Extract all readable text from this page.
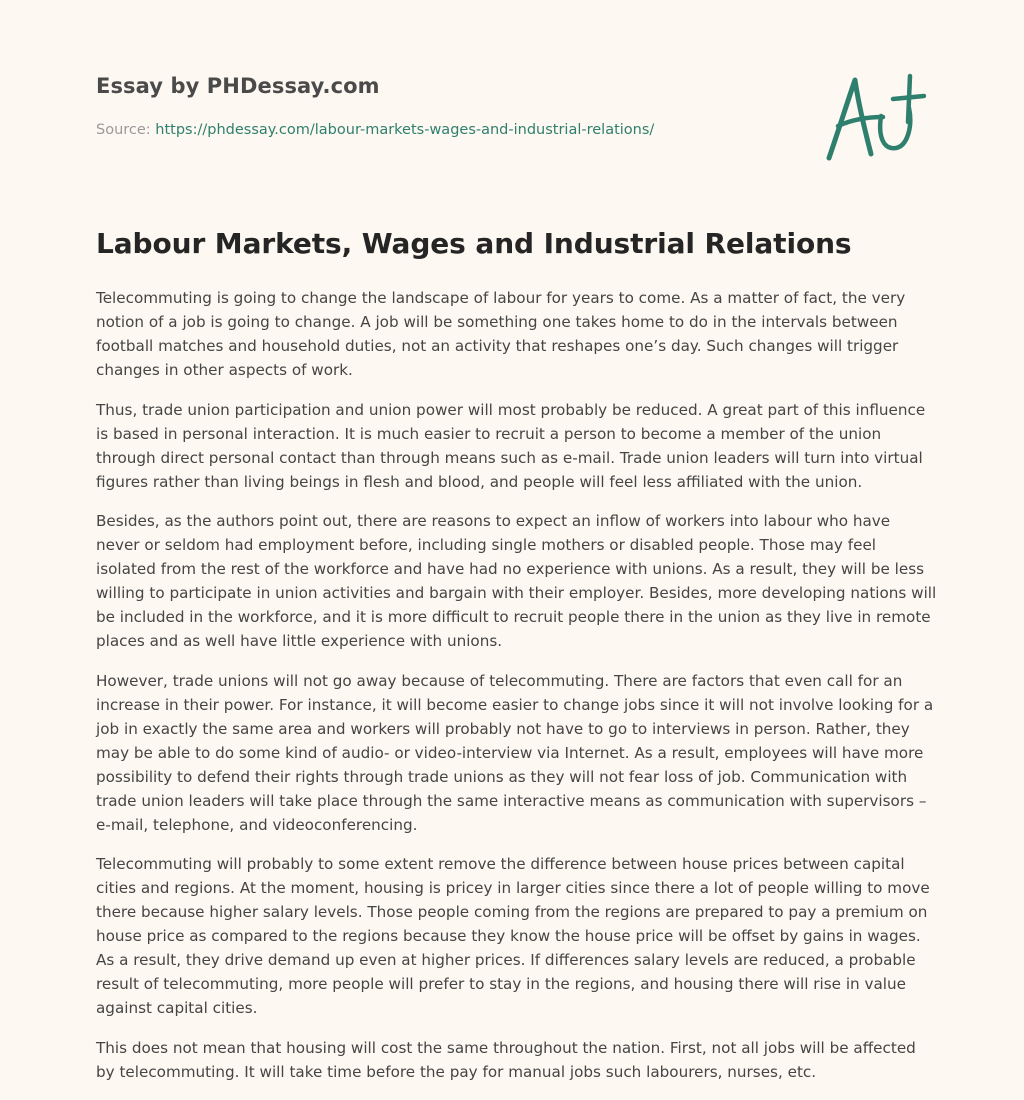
Essay by PHDessay.com
Source: https://phdessay.com/labour-markets-wages-and-industrial-relations/
Labour Markets, Wages and Industrial Relations

Telecommuting is going to change the landscape of labour for years to come. As a matter of fact, the very notion of a job is going to change. A job will be something one takes home to do in the intervals between football matches and household duties, not an activity that reshapes one’s day. Such changes will trigger changes in other aspects of work.

Thus, trade union participation and union power will most probably be reduced. A great part of this influence is based in personal interaction. It is much easier to recruit a person to become a member of the union through direct personal contact than through means such as e-mail. Trade union leaders will turn into virtual figures rather than living beings in flesh and blood, and people will feel less affiliated with the union.

Besides, as the authors point out, there are reasons to expect an inflow of workers into labour who have never or seldom had employment before, including single mothers or disabled people. Those may feel isolated from the rest of the workforce and have had no experience with unions. As a result, they will be less willing to participate in union activities and bargain with their employer. Besides, more developing nations will be included in the workforce, and it is more difficult to recruit people there in the union as they live in remote places and as well have little experience with unions.

However, trade unions will not go away because of telecommuting. There are factors that even call for an increase in their power. For instance, it will become easier to change jobs since it will not involve looking for a job in exactly the same area and workers will probably not have to go to interviews in person. Rather, they may be able to do some kind of audio- or video-interview via Internet. As a result, employees will have more possibility to defend their rights through trade unions as they will not fear loss of job. Communication with trade union leaders will take place through the same interactive means as communication with supervisors – e-mail, telephone, and videoconferencing.

Telecommuting will probably to some extent remove the difference between house prices between capital cities and regions. At the moment, housing is pricey in larger cities since there a lot of people willing to move there because higher salary levels. Those people coming from the regions are prepared to pay a premium on house price as compared to the regions because they know the house price will be offset by gains in wages. As a result, they drive demand up even at higher prices. If differences salary levels are reduced, a probable result of telecommuting, more people will prefer to stay in the regions, and housing there will rise in value against capital cities.

This does not mean that housing will cost the same throughout the nation. First, not all jobs will be affected by telecommuting. It will take time before the pay for manual jobs such labourers, nurses, etc.
